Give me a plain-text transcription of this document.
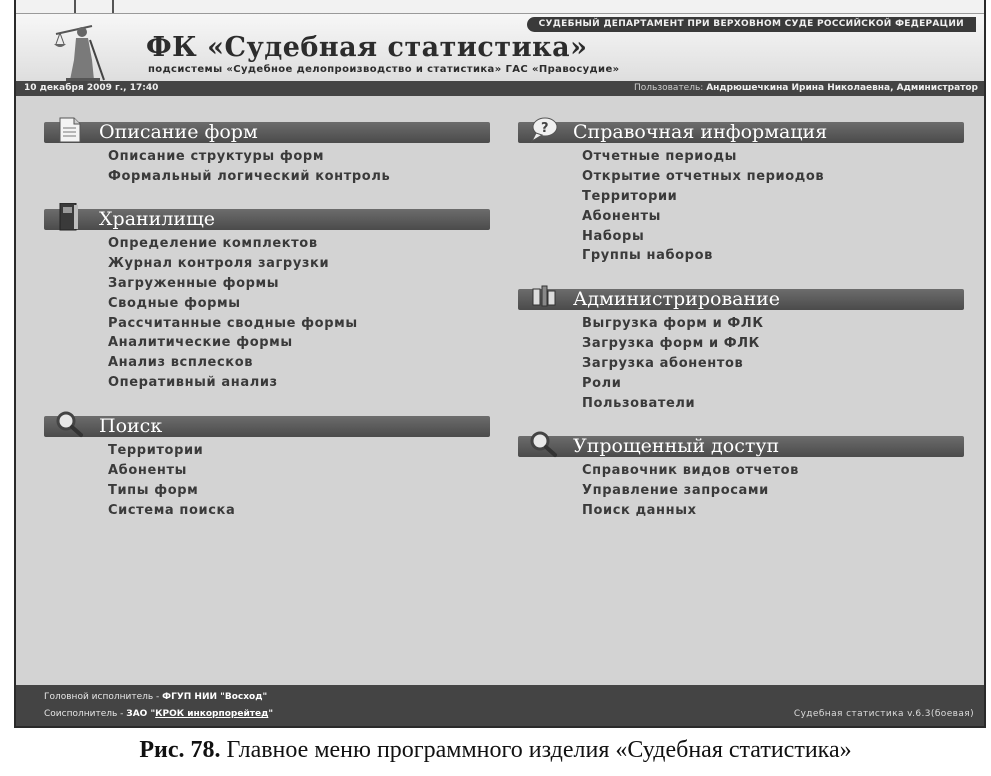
СУДЕБНЫЙ ДЕПАРТАМЕНТ ПРИ ВЕРХОВНОМ СУДЕ РОССИЙСКОЙ ФЕДЕРАЦИИ
ФК «Судебная статистика»
подсистемы «Судебное делопроизводство и статистика» ГАС «Правосудие»
10 декабря 2009 г., 17:40	Пользователь: Андрюшечкина Ирина Николаевна, Администратор
Описание форм
Описание структуры форм
Формальный логический контроль
Хранилище
Определение комплектов
Журнал контроля загрузки
Загруженные формы
Сводные формы
Рассчитанные сводные формы
Аналитические формы
Анализ всплесков
Оперативный анализ
Поиск
Территории
Абоненты
Типы форм
Система поиска
? Справочная информация
Отчетные периоды
Открытие отчетных периодов
Территории
Абоненты
Наборы
Группы наборов
Администрирование
Выгрузка форм и ФЛК
Загрузка форм и ФЛК
Загрузка абонентов
Роли
Пользователи
Упрощенный доступ
Справочник видов отчетов
Управление запросами
Поиск данных
Головной исполнитель - ФГУП НИИ "Восход"
Соисполнитель - ЗАО "КРОК инкорпорейтед"	Судебная статистика v.6.3(боевая)
Рис. 78. Главное меню программного изделия «Судебная статистика»
